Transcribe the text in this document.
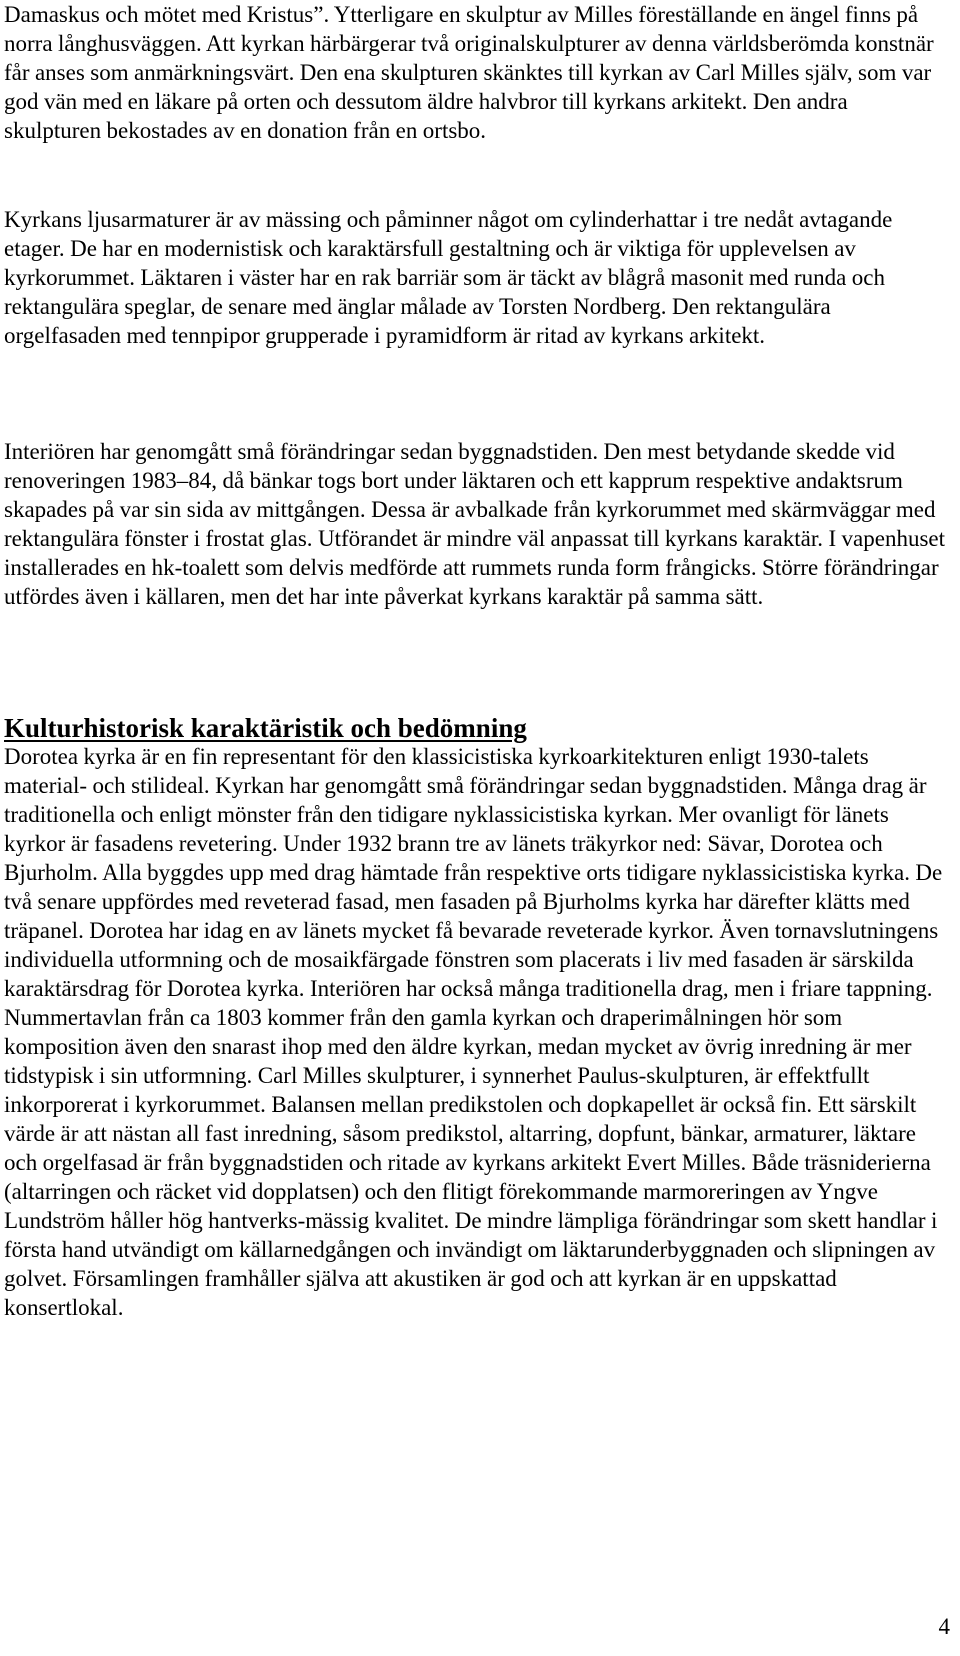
Damaskus och mötet med Kristus”. Ytterligare en skulptur av Milles föreställande en ängel finns på norra långhusväggen. Att kyrkan härbärgerar två originalskulpturer av denna världsberömda konstnär får anses som anmärkningsvärt. Den ena skulpturen skänktes till kyrkan av Carl Milles själv, som var god vän med en läkare på orten och dessutom äldre halvbror till kyrkans arkitekt. Den andra skulpturen bekostades av en donation från en ortsbo.

Kyrkans ljusarmaturer är av mässing och påminner något om cylinderhattar i tre nedåt avtagande etager. De har en modernistisk och karaktärsfull gestaltning och är viktiga för upplevelsen av kyrkorummet. Läktaren i väster har en rak barriär som är täckt av blågrå masonit med runda och rektangulära speglar, de senare med änglar målade av Torsten Nordberg. Den rektangulära orgelfasaden med tennpipor grupperade i pyramidform är ritad av kyrkans arkitekt.

Interiören har genomgått små förändringar sedan byggnadstiden. Den mest betydande skedde vid renoveringen 1983–84, då bänkar togs bort under läktaren och ett kapprum respektive andaktsrum skapades på var sin sida av mittgången. Dessa är avbalkade från kyrkorummet med skärmväggar med rektangulära fönster i frostat glas. Utförandet är mindre väl anpassat till kyrkans karaktär. I vapenhuset installerades en hk-toalett som delvis medförde att rummets runda form frångicks. Större förändringar utfördes även i källaren, men det har inte påverkat kyrkans karaktär på samma sätt.

Kulturhistorisk karaktäristik och bedömning

Dorotea kyrka är en fin representant för den klassicistiska kyrkoarkitekturen enligt 1930-talets material- och stilideal. Kyrkan har genomgått små förändringar sedan byggnadstiden. Många drag är traditionella och enligt mönster från den tidigare nyklassicistiska kyrkan. Mer ovanligt för länets kyrkor är fasadens revetering. Under 1932 brann tre av länets träkyrkor ned: Sävar, Dorotea och Bjurholm. Alla byggdes upp med drag hämtade från respektive orts tidigare nyklassicistiska kyrka. De två senare uppfördes med reveterad fasad, men fasaden på Bjurholms kyrka har därefter klätts med träpanel. Dorotea har idag en av länets mycket få bevarade reveterade kyrkor. Även tornavslutningens individuella utformning och de mosaikfärgade fönstren som placerats i liv med fasaden är särskilda karaktärsdrag för Dorotea kyrka. Interiören har också många traditionella drag, men i friare tappning. Nummertavlan från ca 1803 kommer från den gamla kyrkan och draperimålningen hör som komposition även den snarast ihop med den äldre kyrkan, medan mycket av övrig inredning är mer tidstypisk i sin utformning. Carl Milles skulpturer, i synnerhet Paulus-skulpturen, är effektfullt inkorporerat i kyrkorummet. Balansen mellan predikstolen och dopkapellet är också fin. Ett särskilt värde är att nästan all fast inredning, såsom predikstol, altarring, dopfunt, bänkar, armaturer, läktare och orgelfasad är från byggnadstiden och ritade av kyrkans arkitekt Evert Milles. Både träsniderierna (altarringen och räcket vid dopplatsen) och den flitigt förekommande marmoreringen av Yngve Lundström håller hög hantverks-mässig kvalitet. De mindre lämpliga förändringar som skett handlar i första hand utvändigt om källarnedgången och invändigt om läktarunderbyggnaden och slipningen av golvet. Församlingen framhåller själva att akustiken är god och att kyrkan är en uppskattad konsertlokal.

4
